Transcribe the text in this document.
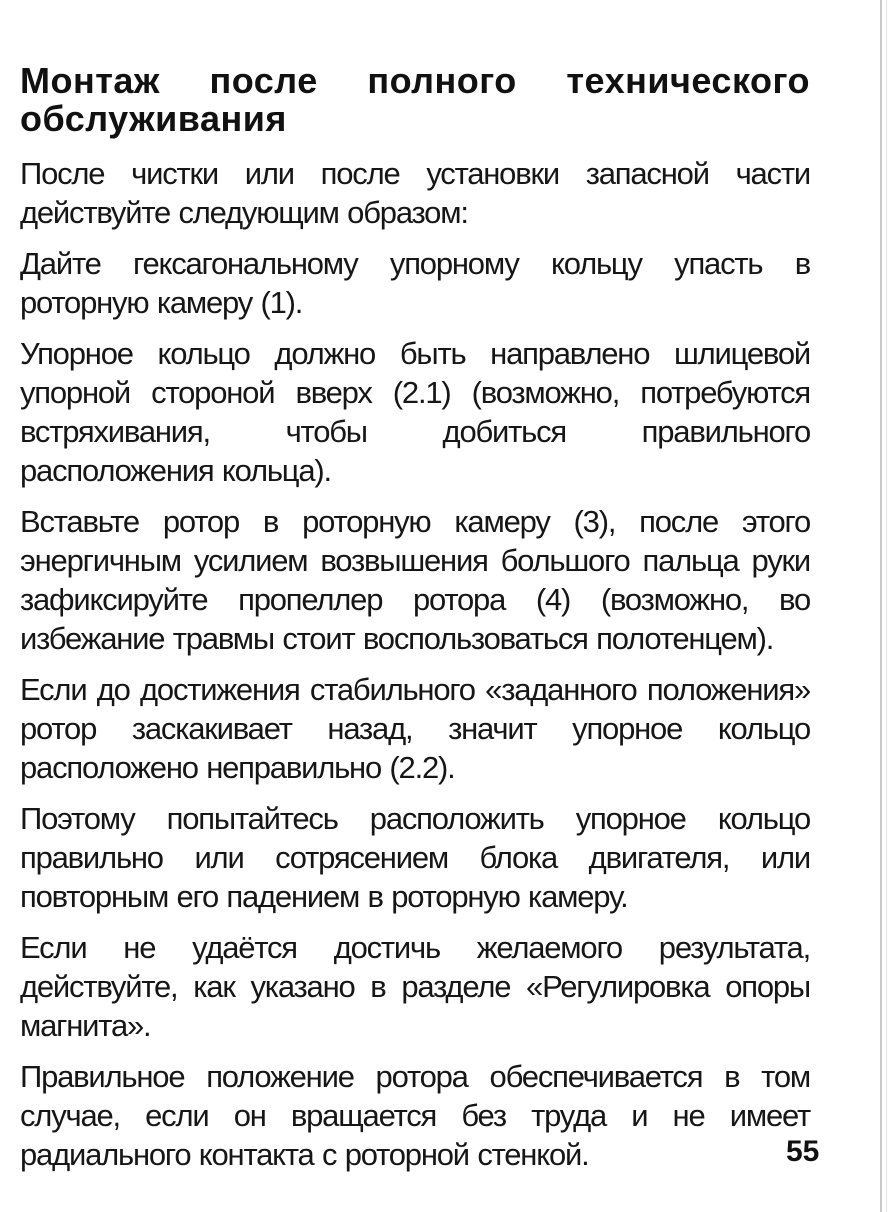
Монтаж после полного технического обслуживания

После чистки или после установки запасной части действуйте следующим образом:

Дайте гексагональному упорному кольцу упасть в роторную камеру (1).

Упорное кольцо должно быть направлено шлицевой упорной стороной вверх (2.1) (возможно, потребуются встряхивания, чтобы добиться правильного расположения кольца).

Вставьте ротор в роторную камеру (3), после этого энергичным усилием возвышения большого пальца руки зафиксируйте пропеллер ротора (4) (возможно, во избежание травмы стоит воспользоваться полотенцем).

Если до достижения стабильного «заданного положения» ротор заскакивает назад, значит упорное кольцо расположено неправильно (2.2).

Поэтому попытайтесь расположить упорное кольцо правильно или сотрясением блока двигателя, или повторным его падением в роторную камеру.

Если не удаётся достичь желаемого результата, действуйте, как указано в разделе «Регулировка опоры магнита».

Правильное положение ротора обеспечивается в том случае, если он вращается без труда и не имеет радиального контакта с роторной стенкой.	55
